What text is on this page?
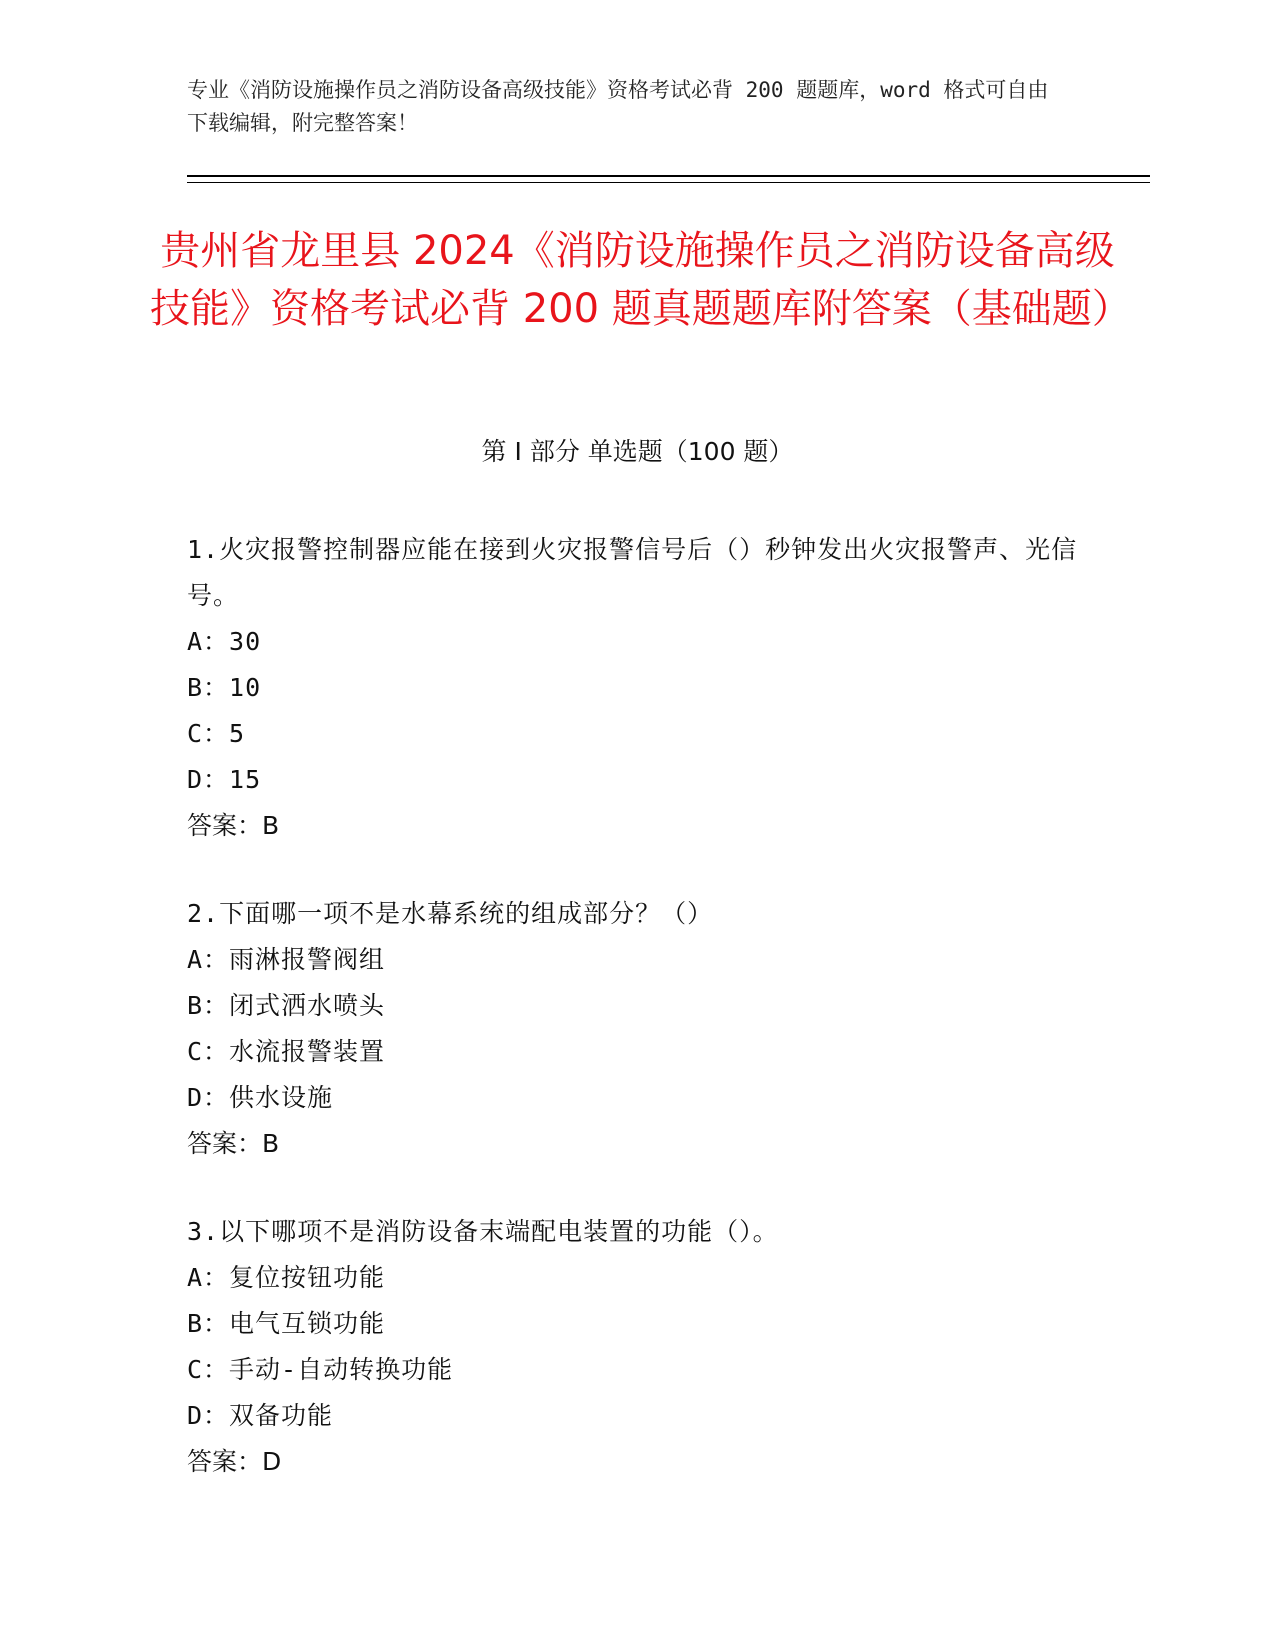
专业《消防设施操作员之消防设备高级技能》资格考试必背 200 题题库，word 格式可自由下载编辑，附完整答案！
贵州省龙里县 2024《消防设施操作员之消防设备高级技能》资格考试必背 200 题真题题库附答案（基础题）
第 I 部分 单选题（100 题）
1.火灾报警控制器应能在接到火灾报警信号后（）秒钟发出火灾报警声、光信号。
A：30
B：10
C：5
D：15
答案：B
2.下面哪一项不是水幕系统的组成部分？（）
A：雨淋报警阀组
B：闭式洒水喷头
C：水流报警装置
D：供水设施
答案：B
3.以下哪项不是消防设备末端配电装置的功能（）。
A：复位按钮功能
B：电气互锁功能
C：手动-自动转换功能
D：双备功能
答案：D
